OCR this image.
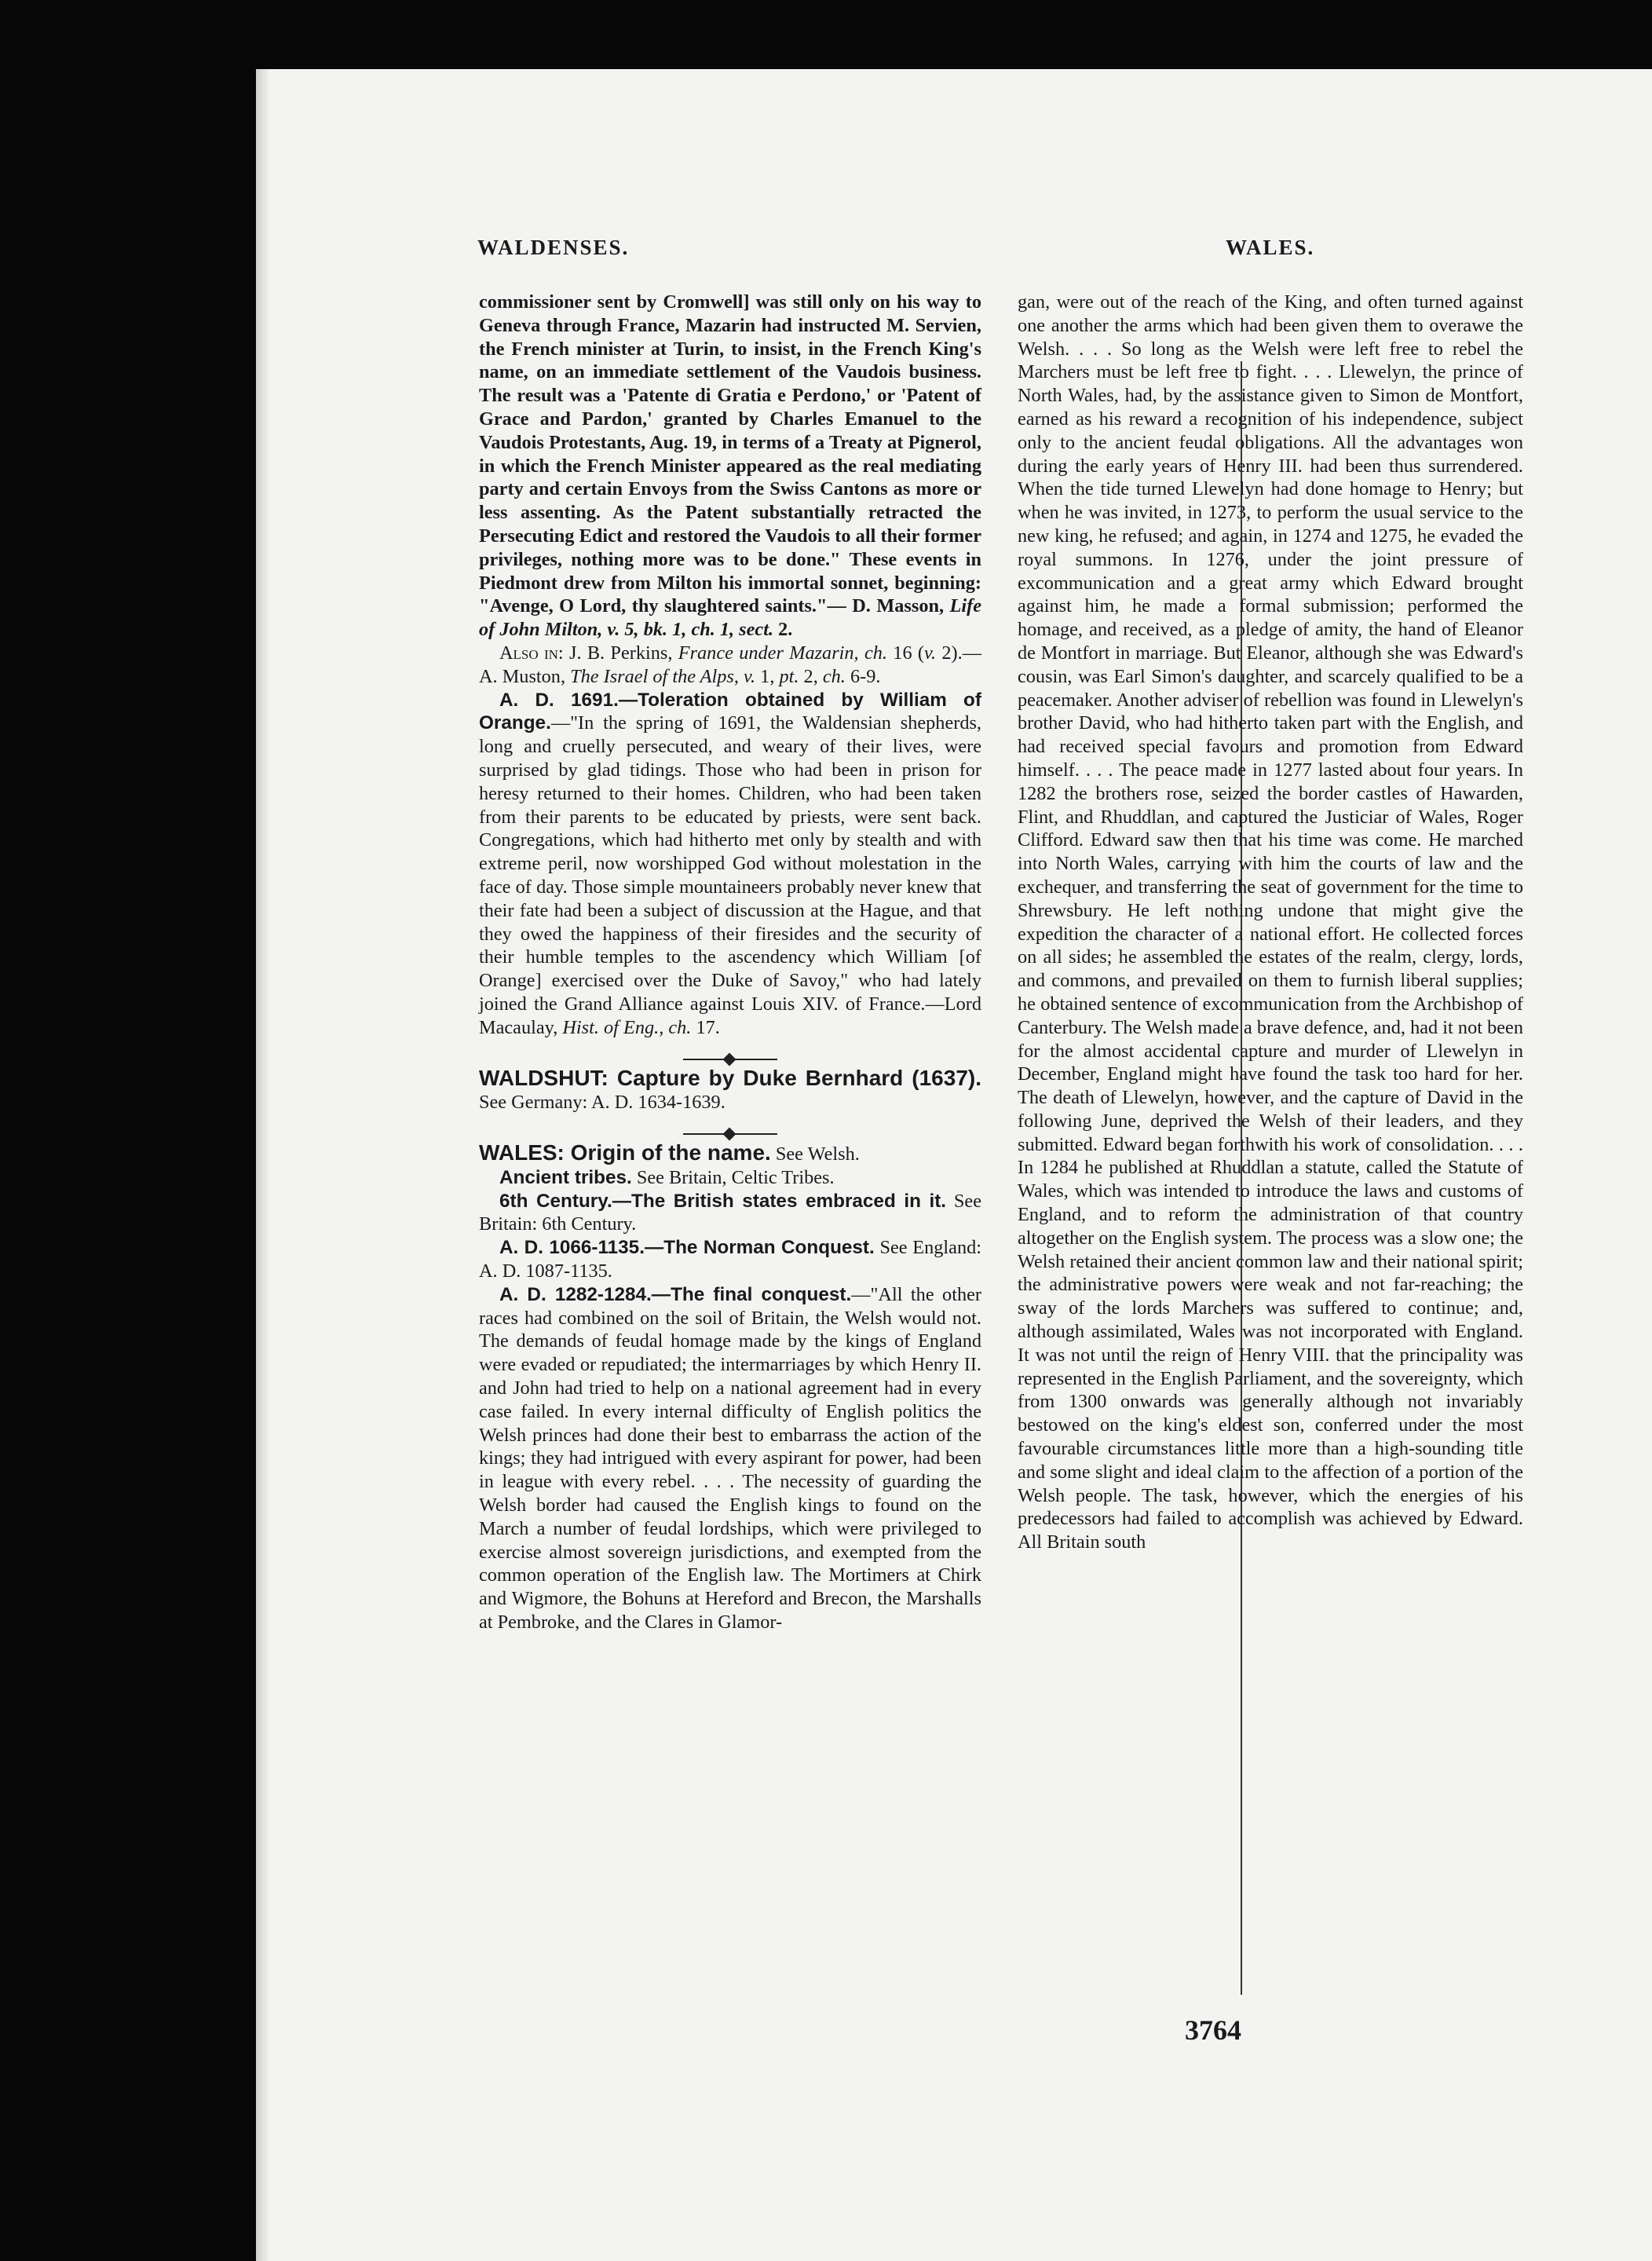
WALDENSES.	WALES.

commissioner sent by Cromwell] was still only on his way to Geneva through France, Mazarin had instructed M. Servien, the French minister at Turin, to insist, in the French King's name, on an immediate settlement of the Vaudois business. The result was a 'Patente di Gratia e Perdono,' or 'Patent of Grace and Pardon,' granted by Charles Emanuel to the Vaudois Protestants, Aug. 19, in terms of a Treaty at Pignerol, in which the French Minister appeared as the real mediating party and certain Envoys from the Swiss Cantons as more or less assenting. As the Patent substantially retracted the Persecuting Edict and restored the Vaudois to all their former privileges, nothing more was to be done." These events in Piedmont drew from Milton his immortal sonnet, beginning: "Avenge, O Lord, thy slaughtered saints."— D. Masson, Life of John Milton, v. 5, bk. 1, ch. 1, sect. 2.

Also in: J. B. Perkins, France under Mazarin, ch. 16 (v. 2).—A. Muston, The Israel of the Alps, v. 1, pt. 2, ch. 6-9.

A. D. 1691.—Toleration obtained by William of Orange.—"In the spring of 1691, the Waldensian shepherds, long and cruelly persecuted, and weary of their lives, were surprised by glad tidings. Those who had been in prison for heresy returned to their homes. Children, who had been taken from their parents to be educated by priests, were sent back. Congregations, which had hitherto met only by stealth and with extreme peril, now worshipped God without molestation in the face of day. Those simple mountaineers probably never knew that their fate had been a subject of discussion at the Hague, and that they owed the happiness of their firesides and the security of their humble temples to the ascendency which William [of Orange] exercised over the Duke of Savoy," who had lately joined the Grand Alliance against Louis XIV. of France.—Lord Macaulay, Hist. of Eng., ch. 17.

WALDSHUT: Capture by Duke Bernhard (1637). See Germany: A. D. 1634-1639.

WALES: Origin of the name. See Welsh.

Ancient tribes. See Britain, Celtic Tribes.

6th Century.—The British states embraced in it. See Britain: 6th Century.

A. D. 1066-1135.—The Norman Conquest. See England: A. D. 1087-1135.

A. D. 1282-1284.—The final conquest.—"All the other races had combined on the soil of Britain, the Welsh would not. The demands of feudal homage made by the kings of England were evaded or repudiated; the intermarriages by which Henry II. and John had tried to help on a national agreement had in every case failed. In every internal difficulty of English politics the Welsh princes had done their best to embarrass the action of the kings; they had intrigued with every aspirant for power, had been in league with every rebel. . . . The necessity of guarding the Welsh border had caused the English kings to found on the March a number of feudal lordships, which were privileged to exercise almost sovereign jurisdictions, and exempted from the common operation of the English law. The Mortimers at Chirk and Wigmore, the Bohuns at Hereford and Brecon, the Marshalls at Pembroke, and the Clares in Glamor-

gan, were out of the reach of the King, and often turned against one another the arms which had been given them to overawe the Welsh. . . . So long as the Welsh were left free to rebel the Marchers must be left free to fight. . . . Llewelyn, the prince of North Wales, had, by the assistance given to Simon de Montfort, earned as his reward a recognition of his independence, subject only to the ancient feudal obligations. All the advantages won during the early years of Henry III. had been thus surrendered. When the tide turned Llewelyn had done homage to Henry; but when he was invited, in 1273, to perform the usual service to the new king, he refused; and again, in 1274 and 1275, he evaded the royal summons. In 1276, under the joint pressure of excommunication and a great army which Edward brought against him, he made a formal submission; performed the homage, and received, as a pledge of amity, the hand of Eleanor de Montfort in marriage. But Eleanor, although she was Edward's cousin, was Earl Simon's daughter, and scarcely qualified to be a peacemaker. Another adviser of rebellion was found in Llewelyn's brother David, who had hitherto taken part with the English, and had received special favours and promotion from Edward himself. . . . The peace made in 1277 lasted about four years. In 1282 the brothers rose, seized the border castles of Hawarden, Flint, and Rhuddlan, and captured the Justiciar of Wales, Roger Clifford. Edward saw then that his time was come. He marched into North Wales, carrying with him the courts of law and the exchequer, and transferring the seat of government for the time to Shrewsbury. He left nothing undone that might give the expedition the character of a national effort. He collected forces on all sides; he assembled the estates of the realm, clergy, lords, and commons, and prevailed on them to furnish liberal supplies; he obtained sentence of excommunication from the Archbishop of Canterbury. The Welsh made a brave defence, and, had it not been for the almost accidental capture and murder of Llewelyn in December, England might have found the task too hard for her. The death of Llewelyn, however, and the capture of David in the following June, deprived the Welsh of their leaders, and they submitted. Edward began forthwith his work of consolidation. . . . In 1284 he published at Rhuddlan a statute, called the Statute of Wales, which was intended to introduce the laws and customs of England, and to reform the administration of that country altogether on the English system. The process was a slow one; the Welsh retained their ancient common law and their national spirit; the administrative powers were weak and not far-reaching; the sway of the lords Marchers was suffered to continue; and, although assimilated, Wales was not incorporated with England. It was not until the reign of Henry VIII. that the principality was represented in the English Parliament, and the sovereignty, which from 1300 onwards was generally although not invariably bestowed on the king's eldest son, conferred under the most favourable circumstances little more than a high-sounding title and some slight and ideal claim to the affection of a portion of the Welsh people. The task, however, which the energies of his predecessors had failed to accomplish was achieved by Edward. All Britain south

3764
